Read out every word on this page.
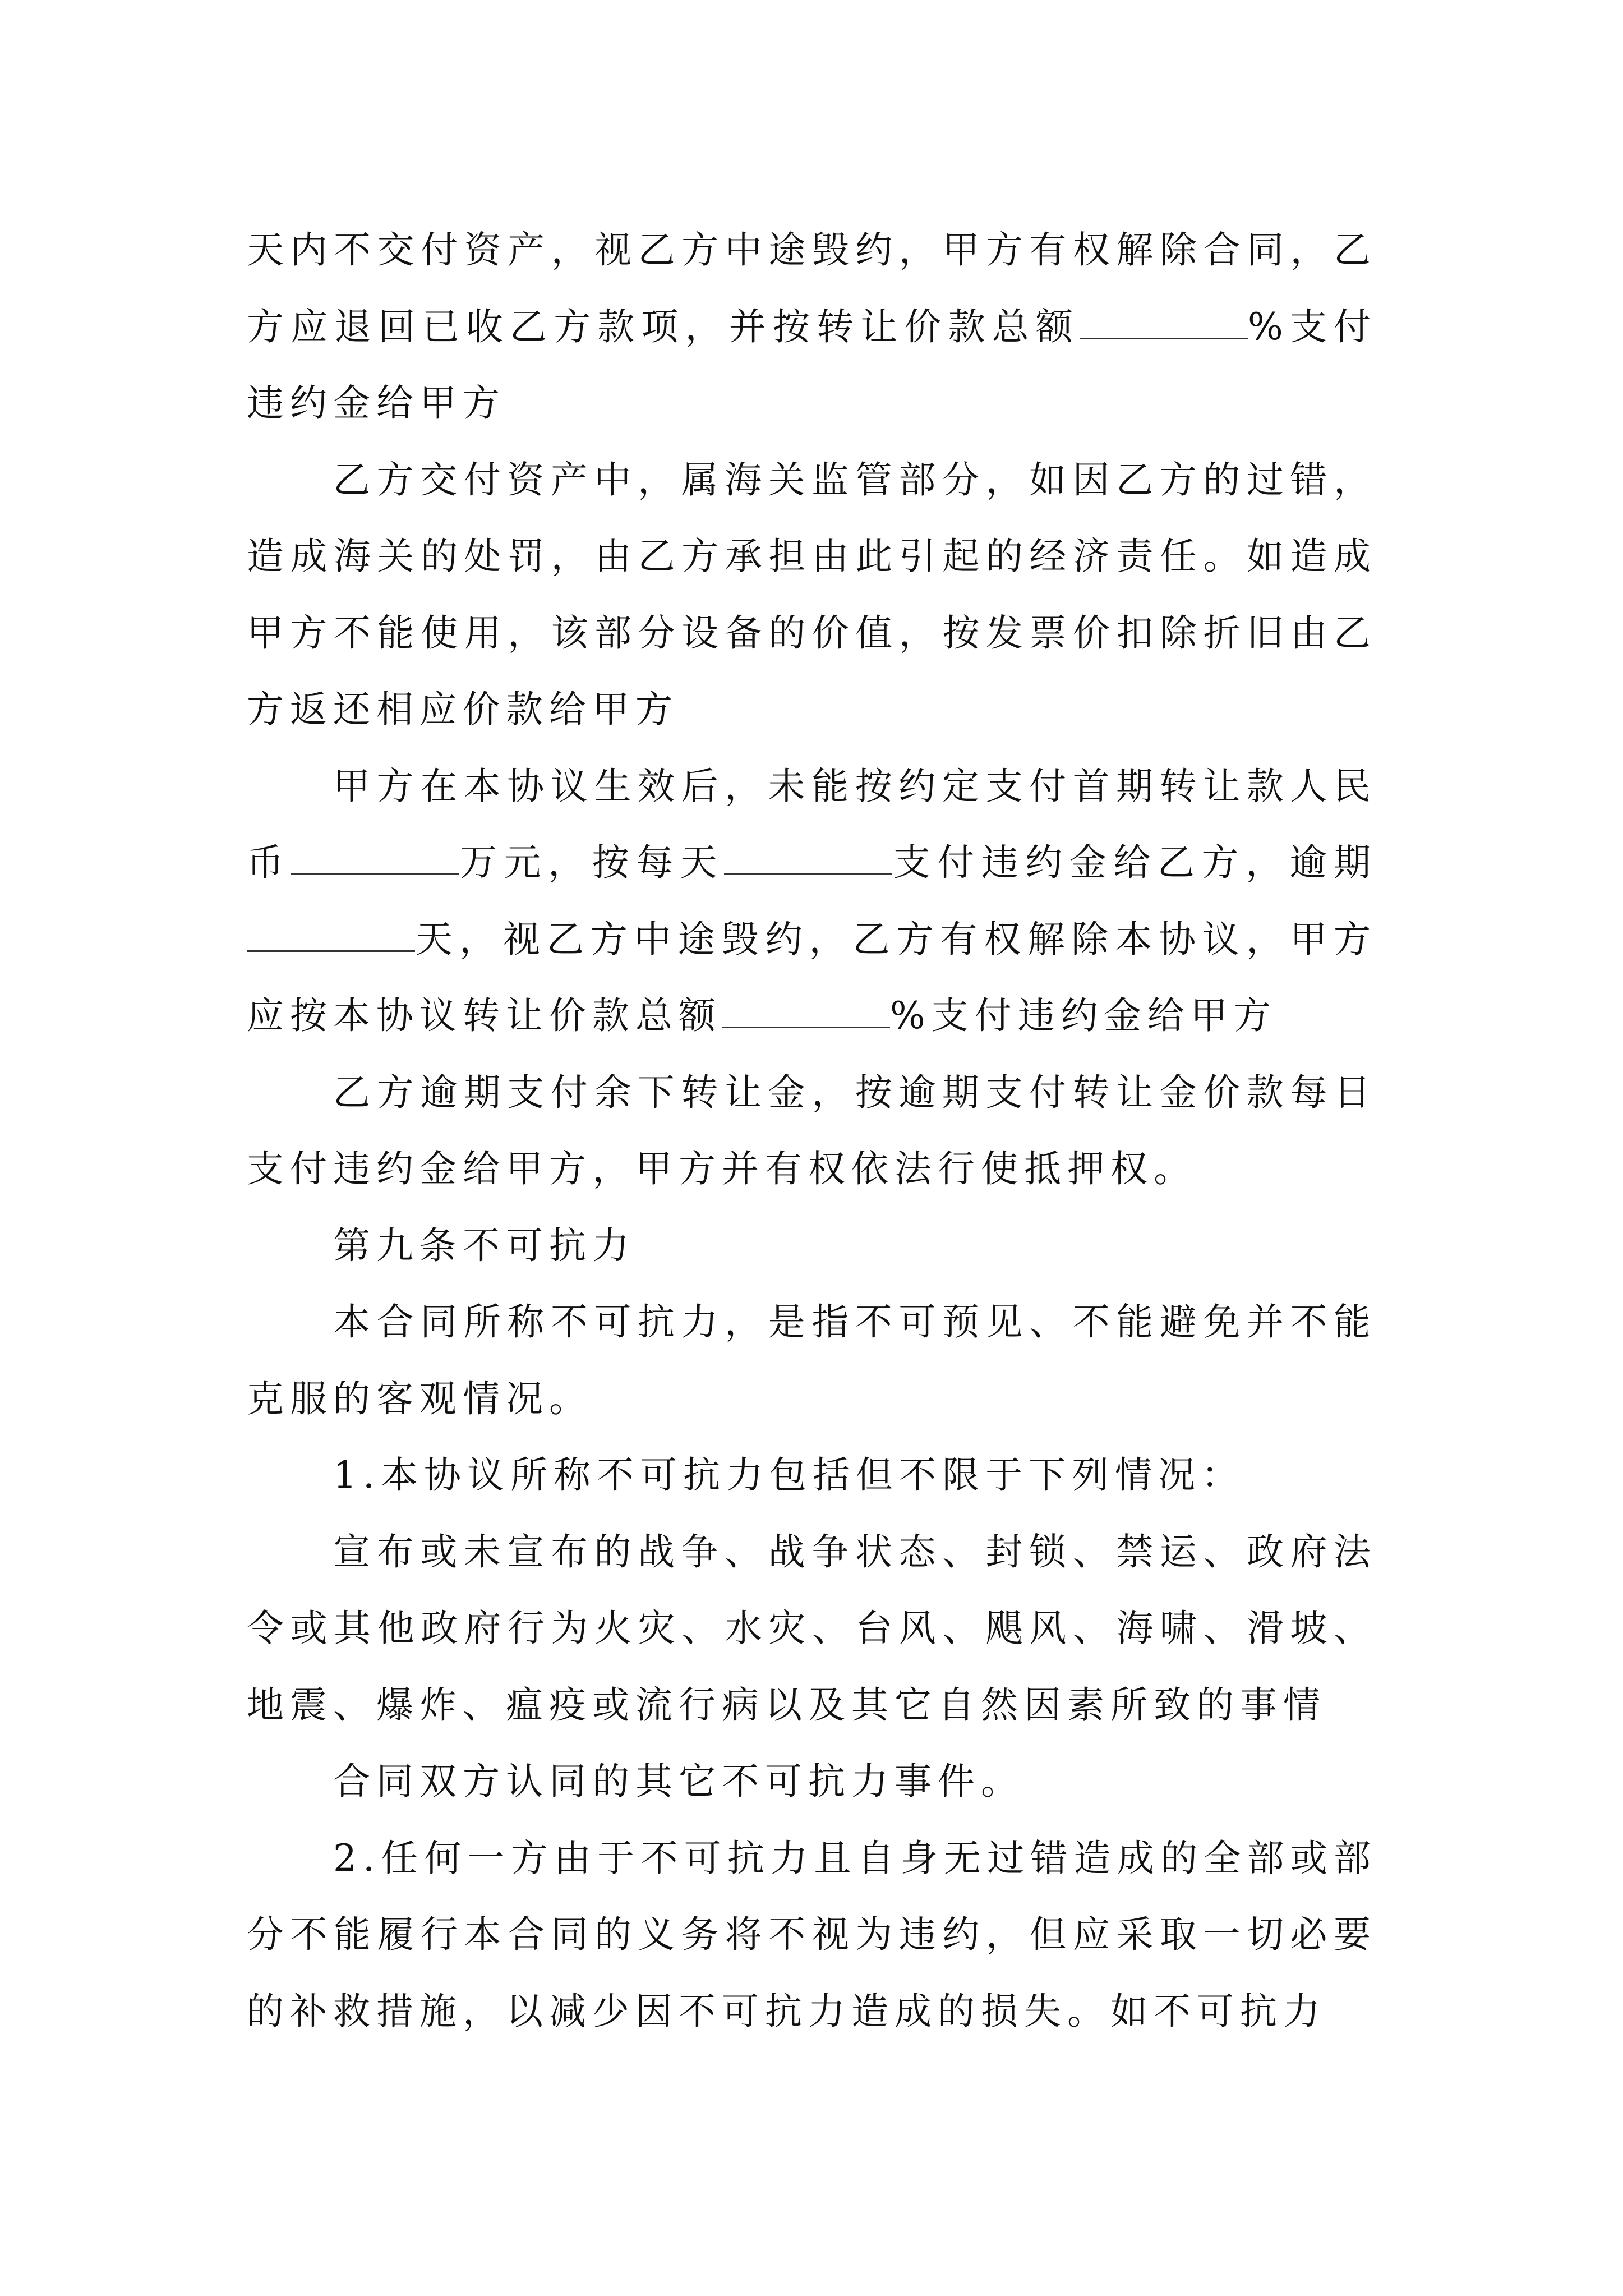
天内不交付资产，视乙方中途毁约，甲方有权解除合同，乙方应退回已收乙方款项，并按转让价款总额	%支付违约金给甲方

乙方交付资产中，属海关监管部分，如因乙方的过错，造成海关的处罚，由乙方承担由此引起的经济责任。如造成甲方不能使用，该部分设备的价值，按发票价扣除折旧由乙方返还相应价款给甲方

甲方在本协议生效后，未能按约定支付首期转让款人民币	万元，按每天	支付违约金给乙方，逾期天，视乙方中途毁约，乙方有权解除本协议，甲方应按本协议转让价款总额	%支付违约金给甲方

乙方逾期支付余下转让金，按逾期支付转让金价款每日支付违约金给甲方，甲方并有权依法行使抵押权。

第九条不可抗力

本合同所称不可抗力，是指不可预见、不能避免并不能克服的客观情况。

1.本协议所称不可抗力包括但不限于下列情况：

宣布或未宣布的战争、战争状态、封锁、禁运、政府法令或其他政府行为火灾、水灾、台风、飓风、海啸、滑坡、地震、爆炸、瘟疫或流行病以及其它自然因素所致的事情

合同双方认同的其它不可抗力事件。

2.任何一方由于不可抗力且自身无过错造成的全部或部分不能履行本合同的义务将不视为违约，但应采取一切必要的补救措施，以减少因不可抗力造成的损失。如不可抗力
